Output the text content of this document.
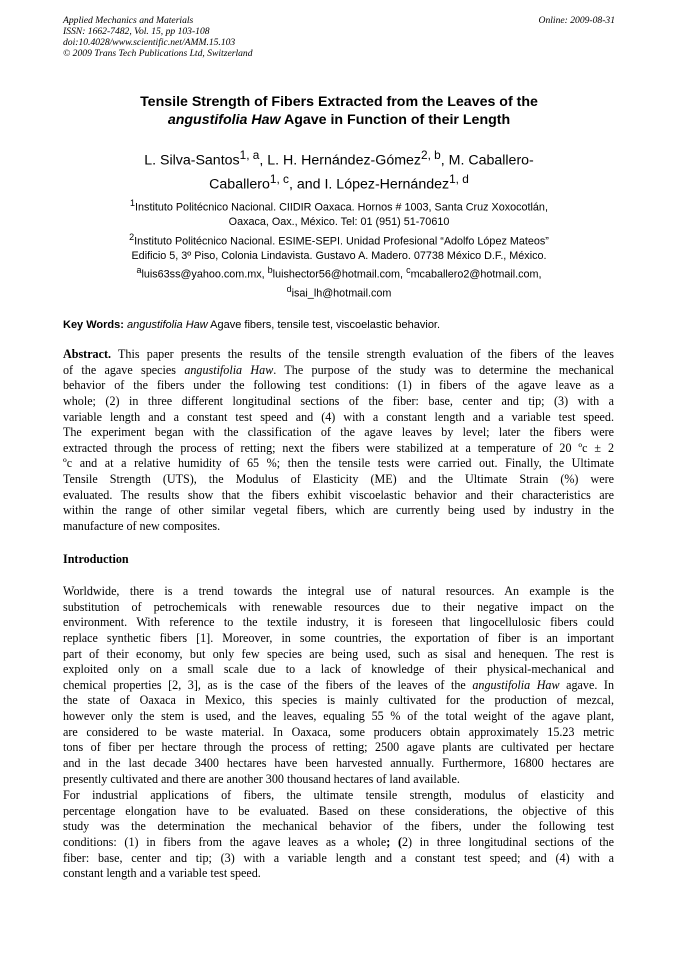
Applied Mechanics and Materials
ISSN: 1662-7482, Vol. 15, pp 103-108
doi:10.4028/www.scientific.net/AMM.15.103
© 2009 Trans Tech Publications Ltd, Switzerland
Online: 2009-08-31
Tensile Strength of Fibers Extracted from the Leaves of the
angustifolia Haw Agave in Function of their Length
L. Silva-Santos$^{1, a}$, L. H. Hernández-Gómez$^{2, b}$, M. Caballero-
Caballero$^{1, c}$, and I. López-Hernández$^{1, d}$
$^1$Instituto Politécnico Nacional. CIIDIR Oaxaca. Hornos # 1003, Santa Cruz Xoxocotlán,
Oaxaca, Oax., México. Tel: 01 (951) 51-70610
$^2$Instituto Politécnico Nacional. ESIME-SEPI. Unidad Profesional “Adolfo López Mateos”
Edificio 5, 3º Piso, Colonia Lindavista. Gustavo A. Madero. 07738 México D.F., México.
$^a$luis63ss@yahoo.com.mx, $^b$luishector56@hotmail.com, $^c$mcaballero2@hotmail.com,
$^d$isai_lh@hotmail.com
Key Words: angustifolia Haw Agave fibers, tensile test, viscoelastic behavior.
Abstract. This paper presents the results of the tensile strength evaluation of the fibers of the leaves
of the agave species angustifolia Haw. The purpose of the study was to determine the mechanical
behavior of the fibers under the following test conditions: (1) in fibers of the agave leave as a
whole; (2) in three different longitudinal sections of the fiber: base, center and tip; (3) with a
variable length and a constant test speed and (4) with a constant length and a variable test speed.
The experiment began with the classification of the agave leaves by level; later the fibers were
extracted through the process of retting; next the fibers were stabilized at a temperature of 20 ºc ± 2
ºc and at a relative humidity of 65 %; then the tensile tests were carried out. Finally, the Ultimate
Tensile Strength (UTS), the Modulus of Elasticity (ME) and the Ultimate Strain (%) were
evaluated. The results show that the fibers exhibit viscoelastic behavior and their characteristics are
within the range of other similar vegetal fibers, which are currently being used by industry in the
manufacture of new composites.
Introduction
Worldwide, there is a trend towards the integral use of natural resources. An example is the
substitution of petrochemicals with renewable resources due to their negative impact on the
environment. With reference to the textile industry, it is foreseen that lingocellulosic fibers could
replace synthetic fibers [1]. Moreover, in some countries, the exportation of fiber is an important
part of their economy, but only few species are being used, such as sisal and henequen. The rest is
exploited only on a small scale due to a lack of knowledge of their physical-mechanical and
chemical properties [2, 3], as is the case of the fibers of the leaves of the angustifolia Haw agave. In
the state of Oaxaca in Mexico, this species is mainly cultivated for the production of mezcal,
however only the stem is used, and the leaves, equaling 55 % of the total weight of the agave plant,
are considered to be waste material. In Oaxaca, some producers obtain approximately 15.23 metric
tons of fiber per hectare through the process of retting; 2500 agave plants are cultivated per hectare
and in the last decade 3400 hectares have been harvested annually. Furthermore, 16800 hectares are
presently cultivated and there are another 300 thousand hectares of land available.
For industrial applications of fibers, the ultimate tensile strength, modulus of elasticity and
percentage elongation have to be evaluated. Based on these considerations, the objective of this
study was the determination the mechanical behavior of the fibers, under the following test
conditions: (1) in fibers from the agave leaves as a whole; (2) in three longitudinal sections of the
fiber: base, center and tip; (3) with a variable length and a constant test speed; and (4) with a
constant length and a variable test speed.
